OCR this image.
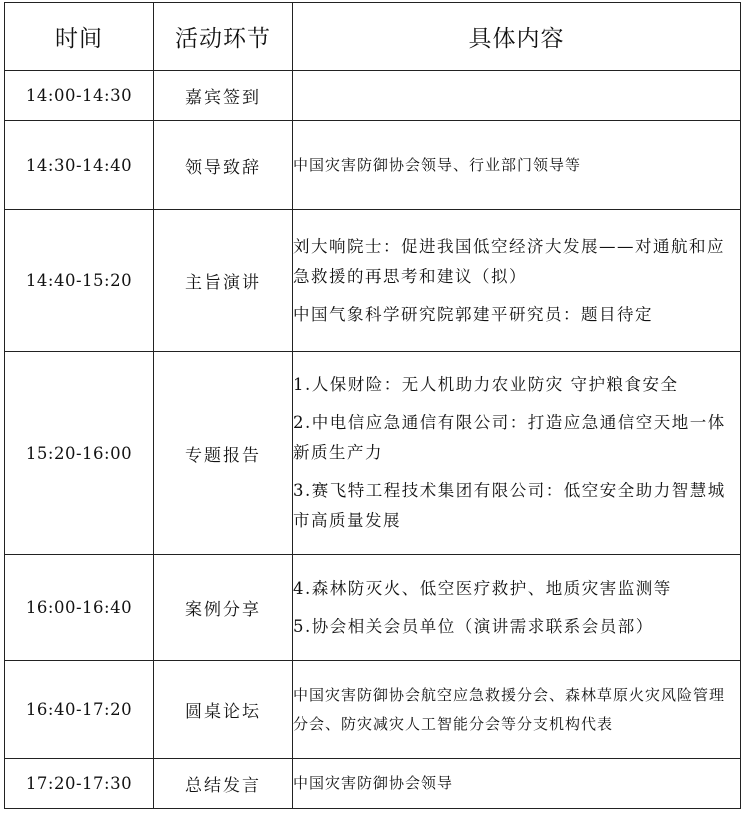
时间	活动环节	具体内容
14:00-14:30	嘉宾签到	
14:30-14:40	领导致辞	中国灾害防御协会领导、行业部门领导等

14:40-15:20	主旨演讲	刘大响院士：促进我国低空经济大发展——对通航和应急救援的再思考和建议（拟）
中国气象科学研究院郭建平研究员：题目待定

15:20-16:00	专题报告	1.人保财险：无人机助力农业防灾 守护粮食安全
2.中电信应急通信有限公司：打造应急通信空天地一体新质生产力
3.赛飞特工程技术集团有限公司：低空安全助力智慧城市高质量发展

16:00-16:40	案例分享	4.森林防灭火、低空医疗救护、地质灾害监测等
5.协会相关会员单位（演讲需求联系会员部）

16:40-17:20	圆桌论坛	中国灾害防御协会航空应急救援分会、森林草原火灾风险管理分会、防灾减灾人工智能分会等分支机构代表

17:20-17:30	总结发言	中国灾害防御协会领导
